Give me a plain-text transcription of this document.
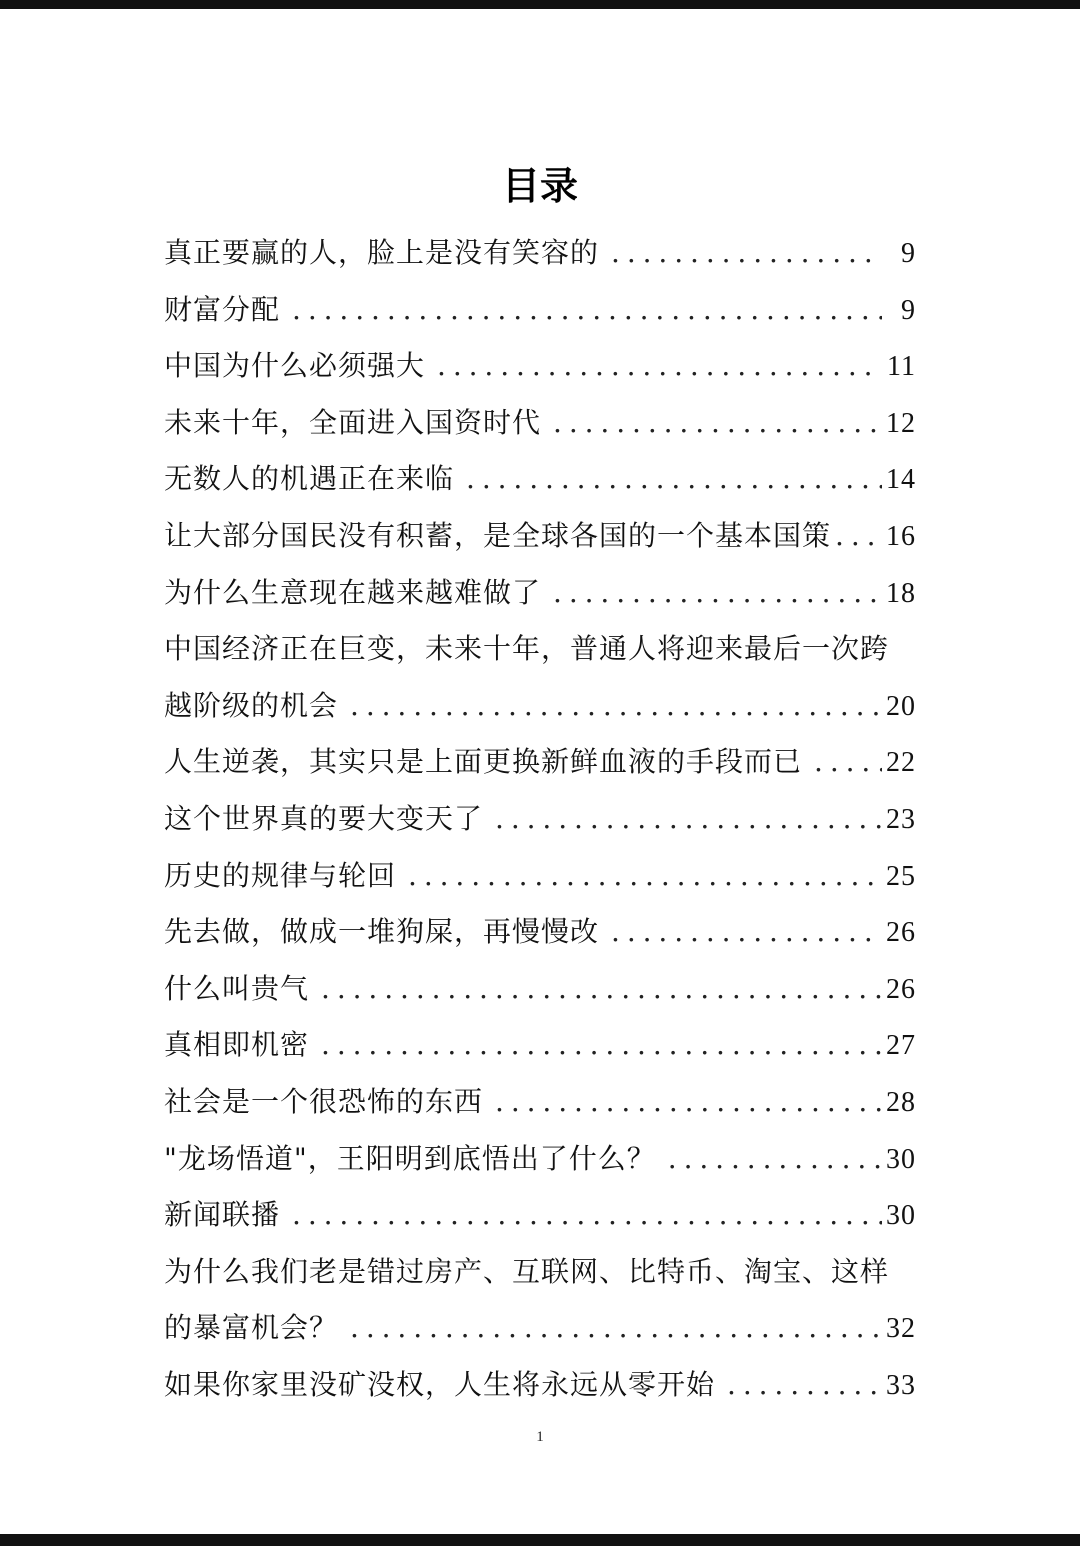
目录
真正要赢的人，脸上是没有笑容的 . . .	9
财富分配 . . .	9
中国为什么必须强大 . . .	11
未来十年，全面进入国资时代 . . .	12
无数人的机遇正在来临 . . .	14
让大部分国民没有积蓄，是全球各国的一个基本国策 . . . 16
为什么生意现在越来越难做了 . . .	18
中国经济正在巨变，未来十年，普通人将迎来最后一次跨
越阶级的机会 . . .	20
人生逆袭，其实只是上面更换新鲜血液的手段而已 . . .	22
这个世界真的要大变天了 . . .	23
历史的规律与轮回 . . .	25
先去做，做成一堆狗屎，再慢慢改 . . .	26
什么叫贵气 . . .	26
真相即机密 . . .	27
社会是一个很恐怖的东西 . . .	28
"龙场悟道"，王阳明到底悟出了什么？ . . .	30
新闻联播 . . .	30
为什么我们老是错过房产、互联网、比特币、淘宝、这样
的暴富机会？ . . .	32
如果你家里没矿没权，人生将永远从零开始 . . .	33
1
